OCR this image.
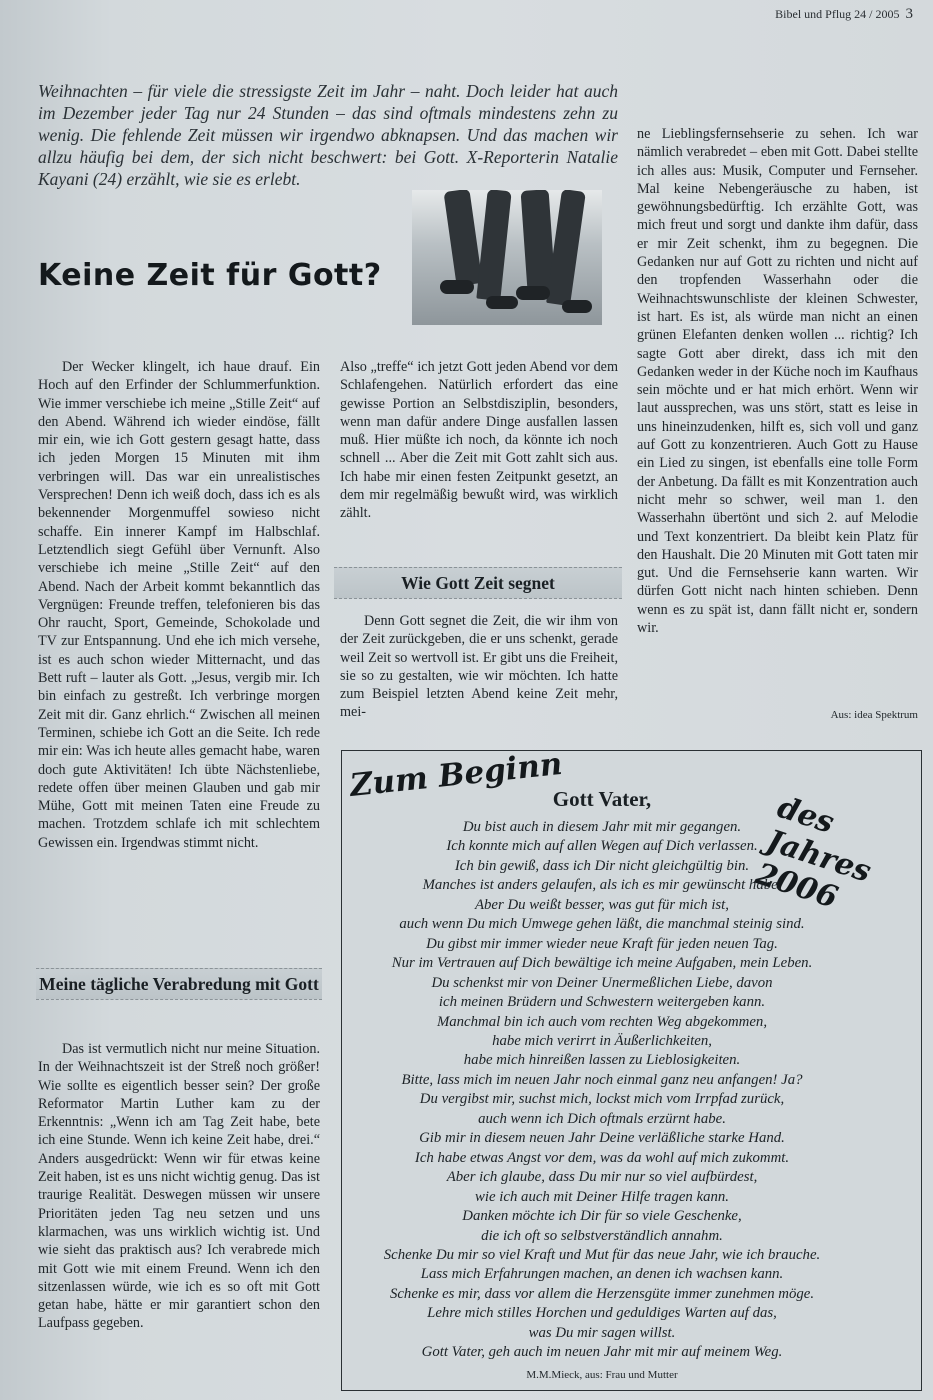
Bibel und Pflug 24 / 2005 3
Weihnachten – für viele die stressigste Zeit im Jahr – naht. Doch leider hat auch im Dezember jeder Tag nur 24 Stunden – das sind oftmals mindestens zehn zu wenig. Die fehlende Zeit müssen wir irgendwo abknapsen. Und das machen wir allzu häufig bei dem, der sich nicht beschwert: bei Gott. X-Reporterin Natalie Kayani (24) erzählt, wie sie es erlebt.
Keine Zeit für Gott?

Der Wecker klingelt, ich haue drauf. Ein Hoch auf den Erfinder der Schlummerfunktion. Wie immer verschiebe ich meine „Stille Zeit“ auf den Abend. Während ich wieder eindöse, fällt mir ein, wie ich Gott gestern gesagt hatte, dass ich jeden Morgen 15 Minuten mit ihm verbringen will. Das war ein unrealistisches Versprechen! Denn ich weiß doch, dass ich es als bekennender Morgenmuffel sowieso nicht schaffe. Ein innerer Kampf im Halbschlaf. Letztendlich siegt Gefühl über Vernunft. Also verschiebe ich meine „Stille Zeit“ auf den Abend. Nach der Arbeit kommt bekanntlich das Vergnügen: Freunde treffen, telefonieren bis das Ohr raucht, Sport, Gemeinde, Schokolade und TV zur Entspannung. Und ehe ich mich versehe, ist es auch schon wieder Mitternacht, und das Bett ruft – lauter als Gott. „Jesus, vergib mir. Ich bin einfach zu gestreßt. Ich verbringe morgen Zeit mit dir. Ganz ehrlich.“ Zwischen all meinen Terminen, schiebe ich Gott an die Seite. Ich rede mir ein: Was ich heute alles gemacht habe, waren doch gute Aktivitäten! Ich übte Nächstenliebe, redete offen über meinen Glauben und gab mir Mühe, Gott mit meinen Taten eine Freude zu machen. Trotzdem schlafe ich mit schlechtem Gewissen ein. Irgendwas stimmt nicht.

Meine tägliche Verabredung mit Gott

Das ist vermutlich nicht nur meine Situation. In der Weihnachtszeit ist der Streß noch größer! Wie sollte es eigentlich besser sein? Der große Reformator Martin Luther kam zu der Erkenntnis: „Wenn ich am Tag Zeit habe, bete ich eine Stunde. Wenn ich keine Zeit habe, drei.“ Anders ausgedrückt: Wenn wir für etwas keine Zeit haben, ist es uns nicht wichtig genug. Das ist traurige Realität. Deswegen müssen wir unsere Prioritäten jeden Tag neu setzen und uns klarmachen, was uns wirklich wichtig ist. Und wie sieht das praktisch aus? Ich verabrede mich mit Gott wie mit einem Freund. Wenn ich den sitzenlassen würde, wie ich es so oft mit Gott getan habe, hätte er mir garantiert schon den Laufpass gegeben.

Also „treffe“ ich jetzt Gott jeden Abend vor dem Schlafengehen. Natürlich erfordert das eine gewisse Portion an Selbstdisziplin, besonders, wenn man dafür andere Dinge ausfallen lassen muß. Hier müßte ich noch, da könnte ich noch schnell ... Aber die Zeit mit Gott zahlt sich aus. Ich habe mir einen festen Zeitpunkt gesetzt, an dem mir regelmäßig bewußt wird, was wirklich zählt.

Wie Gott Zeit segnet

Denn Gott segnet die Zeit, die wir ihm von der Zeit zurückgeben, die er uns schenkt, gerade weil Zeit so wertvoll ist. Er gibt uns die Freiheit, sie so zu gestalten, wie wir möchten. Ich hatte zum Beispiel letzten Abend keine Zeit mehr, mei-

ne Lieblingsfernsehserie zu sehen. Ich war nämlich verabredet – eben mit Gott. Dabei stellte ich alles aus: Musik, Computer und Fernseher. Mal keine Nebengeräusche zu haben, ist gewöhnungsbedürftig. Ich erzählte Gott, was mich freut und sorgt und dankte ihm dafür, dass er mir Zeit schenkt, ihm zu begegnen. Die Gedanken nur auf Gott zu richten und nicht auf den tropfenden Wasserhahn oder die Weihnachtswunschliste der kleinen Schwester, ist hart. Es ist, als würde man nicht an einen grünen Elefanten denken wollen ... richtig? Ich sagte Gott aber direkt, dass ich mit den Gedanken weder in der Küche noch im Kaufhaus sein möchte und er hat mich erhört. Wenn wir laut aussprechen, was uns stört, statt es leise in uns hineinzudenken, hilft es, sich voll und ganz auf Gott zu konzentrieren. Auch Gott zu Hause ein Lied zu singen, ist ebenfalls eine tolle Form der Anbetung. Da fällt es mit Konzentration auch nicht mehr so schwer, weil man 1. den Wasserhahn übertönt und sich 2. auf Melodie und Text konzentriert. Da bleibt kein Platz für den Haushalt. Die 20 Minuten mit Gott taten mir gut. Und die Fernsehserie kann warten. Wir dürfen Gott nicht nach hinten schieben. Denn wenn es zu spät ist, dann fällt nicht er, sondern wir.

Aus: idea Spektrum
Zum Beginn
des Jahres 2006
Gott Vater,
Du bist auch in diesem Jahr mit mir gegangen.
Ich konnte mich auf allen Wegen auf Dich verlassen.
Ich bin gewiß, dass ich Dir nicht gleichgültig bin.
Manches ist anders gelaufen, als ich es mir gewünscht habe.
Aber Du weißt besser, was gut für mich ist,
auch wenn Du mich Umwege gehen läßt, die manchmal steinig sind.
Du gibst mir immer wieder neue Kraft für jeden neuen Tag.
Nur im Vertrauen auf Dich bewältige ich meine Aufgaben, mein Leben.
Du schenkst mir von Deiner Unermeßlichen Liebe, davon
ich meinen Brüdern und Schwestern weitergeben kann.
Manchmal bin ich auch vom rechten Weg abgekommen,
habe mich verirrt in Äußerlichkeiten,
habe mich hinreißen lassen zu Lieblosigkeiten.
Bitte, lass mich im neuen Jahr noch einmal ganz neu anfangen! Ja?
Du vergibst mir, suchst mich, lockst mich vom Irrpfad zurück,
auch wenn ich Dich oftmals erzürnt habe.
Gib mir in diesem neuen Jahr Deine verläßliche starke Hand.
Ich habe etwas Angst vor dem, was da wohl auf mich zukommt.
Aber ich glaube, dass Du mir nur so viel aufbürdest,
wie ich auch mit Deiner Hilfe tragen kann.
Danken möchte ich Dir für so viele Geschenke,
die ich oft so selbstverständlich annahm.
Schenke Du mir so viel Kraft und Mut für das neue Jahr, wie ich brauche.
Lass mich Erfahrungen machen, an denen ich wachsen kann.
Schenke es mir, dass vor allem die Herzensgüte immer zunehmen möge.
Lehre mich stilles Horchen und geduldiges Warten auf das,
was Du mir sagen willst.
Gott Vater, geh auch im neuen Jahr mit mir auf meinem Weg.
M.M.Mieck, aus: Frau und Mutter
